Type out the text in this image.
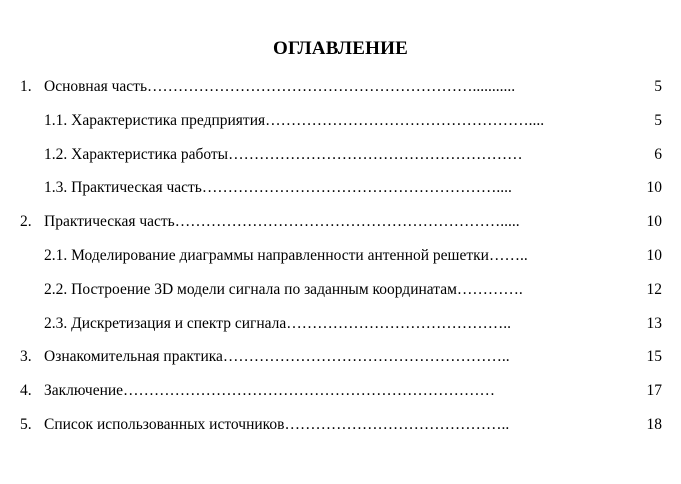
ОГЛАВЛЕНИЕ
1. Основная часть………………………………………………………...........	5
1.1. Характеристика предприятия……………………………………………....	5
1.2. Характеристика работы…………………………………………………	6
1.3. Практическая часть…………………………………………………....	10
2. Практическая часть……………………………………………………….....	10
2.1. Моделирование диаграммы направленности антенной решетки……..	10
2.2. Построение 3D модели сигнала по заданным координатам………….	12
2.3. Дискретизация и спектр сигнала……………………………………..	13
3. Ознакомительная практика………………………………………………..	15
4. Заключение………………………………………………………………	17
5. Список использованных источников……………………………………..	18
